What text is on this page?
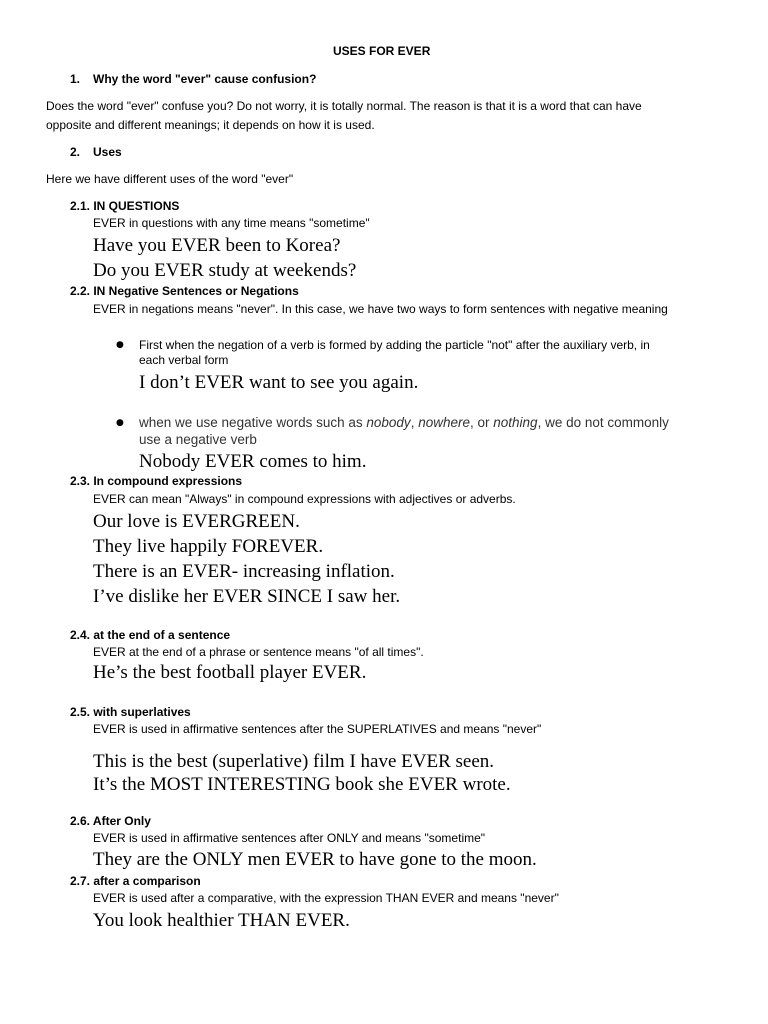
USES FOR EVER
1. Why the word "ever" cause confusion?
Does the word "ever" confuse you? Do not worry, it is totally normal. The reason is that it is a word that can have
opposite and different meanings; it depends on how it is used.
2. Uses
Here we have different uses of the word "ever"
2.1. IN QUESTIONS
EVER in questions with any time means "sometime"
Have you EVER been to Korea?
Do you EVER study at weekends?
2.2. IN Negative Sentences or Negations
EVER in negations means "never". In this case, we have two ways to form sentences with negative meaning
● First when the negation of a verb is formed by adding the particle "not" after the auxiliary verb, in
each verbal form
I don’t EVER want to see you again.
● when we use negative words such as nobody, nowhere, or nothing, we do not commonly
use a negative verb
Nobody EVER comes to him.
2.3. In compound expressions
EVER can mean "Always" in compound expressions with adjectives or adverbs.
Our love is EVERGREEN.
They live happily FOREVER.
There is an EVER- increasing inflation.
I’ve dislike her EVER SINCE I saw her.
2.4. at the end of a sentence
EVER at the end of a phrase or sentence means "of all times".
He’s the best football player EVER.
2.5. with superlatives
EVER is used in affirmative sentences after the SUPERLATIVES and means "never"
This is the best (superlative) film I have EVER seen.
It’s the MOST INTERESTING book she EVER wrote.
2.6. After Only
EVER is used in affirmative sentences after ONLY and means "sometime"
They are the ONLY men EVER to have gone to the moon.
2.7. after a comparison
EVER is used after a comparative, with the expression THAN EVER and means "never"
You look healthier THAN EVER.
